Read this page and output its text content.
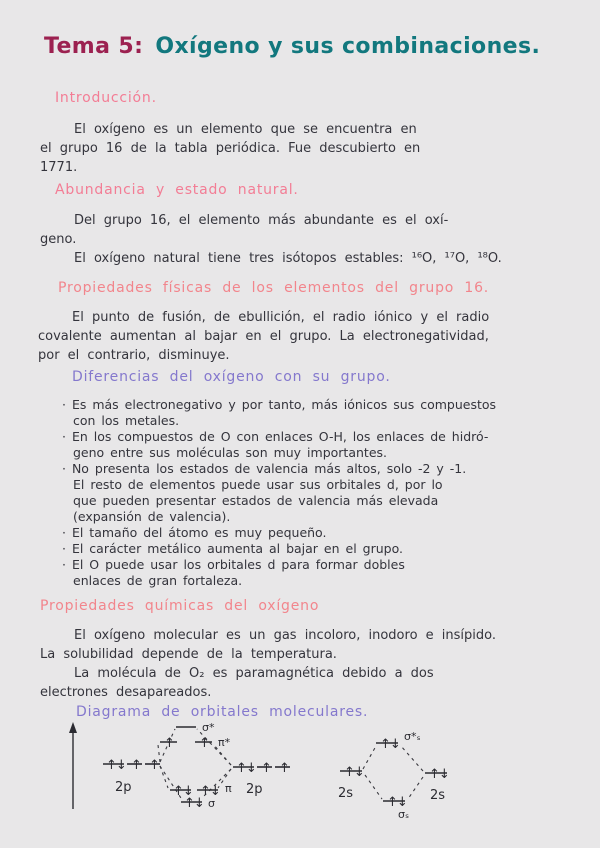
Tema 5: Oxígeno y sus combinaciones.
Introducción.
El oxígeno es un elemento que se encuentra en
el grupo 16 de la tabla periódica. Fue descubierto en
1771.
Abundancia y estado natural.
Del grupo 16, el elemento más abundante es el oxí-
geno.
El oxígeno natural tiene tres isótopos estables: ¹⁶O, ¹⁷O, ¹⁸O.
Propiedades físicas de los elementos del grupo 16.
El punto de fusión, de ebullición, el radio iónico y el radio
covalente aumentan al bajar en el grupo. La electronegatividad,
por el contrario, disminuye.
Diferencias del oxígeno con su grupo.
· Es más electronegativo y por tanto, más iónicos sus compuestos
con los metales.
· En los compuestos de O con enlaces O-H, los enlaces de hidró-
geno entre sus moléculas son muy importantes.
· No presenta los estados de valencia más altos, solo -2 y -1.
El resto de elementos puede usar sus orbitales d, por lo
que pueden presentar estados de valencia más elevada
(expansión de valencia).
· El tamaño del átomo es muy pequeño.
· El carácter metálico aumenta al bajar en el grupo.
· El O puede usar los orbitales d para formar dobles
enlaces de gran fortaleza.
Propiedades químicas del oxígeno
El oxígeno molecular es un gas incoloro, inodoro e insípido.
La solubilidad depende de la temperatura.
La molécula de O₂ es paramagnética debido a dos
electrones desapareados.
Diagrama de orbitales moleculares.
σ*
↑ ↑ π*
↑↓ ↑ ↑
2p
↑↓ ↑ ↑
2p
↑↓ ↑↓ π
↑↓ σ
↑↓
σ*ₛ
↑↓
2s
↑↓
2s
↑↓
σₛ
